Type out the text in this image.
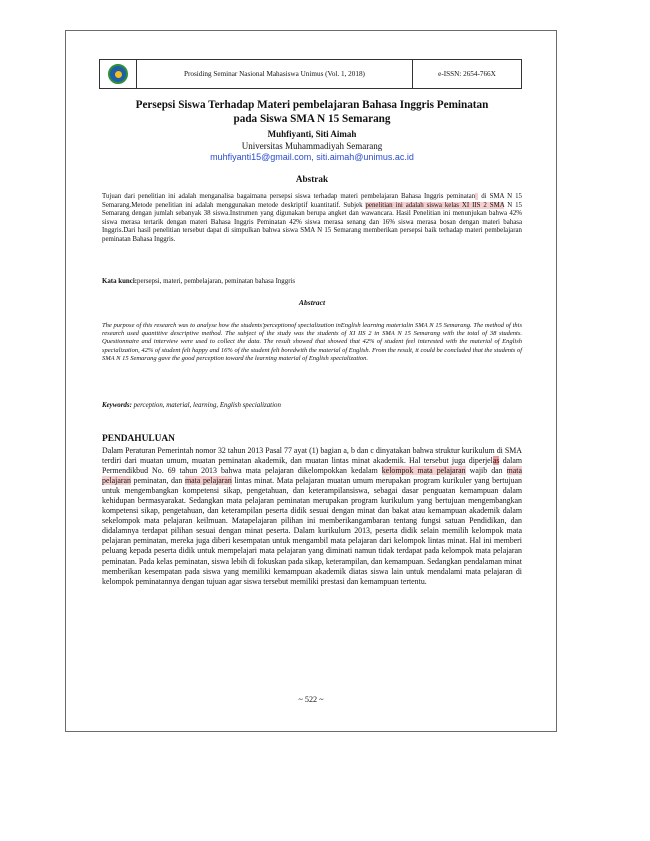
Prosiding Seminar Nasional Mahasiswa Unimus (Vol. 1, 2018)	e-ISSN: 2654-766X
Persepsi Siswa Terhadap Materi pembelajaran Bahasa Inggris Peminatan
pada Siswa SMA N 15 Semarang
Muhfiyanti, Siti Aimah
Universitas Muhammadiyah Semarang
muhfiyanti15@gmail.com, siti.aimah@unimus.ac.id
Abstrak
Tujuan dari penelitian ini adalah menganalisa bagaimana persepsi siswa terhadap materi pembelajaran Bahasa Inggris peminatan  di SMA N 15 Semarang.Metode penelitian ini adalah menggunakan metode deskriptif kuantitatif. Subjek penelitian ini adalah siswa kelas XI IIS 2 SMA N 15 Semarang dengan jumlah sebanyak 38 siswa.Instrumen yang digunakan berupa angket dan wawancara. Hasil Penelitian ini menunjukan bahwa 42% siswa merasa tertarik dengan materi Bahasa Inggris Peminatan 42% siswa merasa senang dan 16% siswa merasa bosan dengan materi bahasa Inggris.Dari hasil penelitian tersebut dapat di simpulkan bahwa siswa SMA N 15 Semarang memberikan persepsi baik terhadap materi pembelajaran peminatan Bahasa Inggris.
Kata kunci:persepsi, materi, pembelajaran, peminatan bahasa Inggris
Abstract
The purpose of this research was to analyse how the students'perceptionof specialization inEnglish learning materialin SMA N 15 Semarang. The method of this research used quantitive descriptive method. The subject of the study was the students of XI IIS 2 in SMA N 15 Semarang with the total of 38 students. Questionnaire and interview were used to collect the data. The result showed that showed that 42% of student feel interested with the material of English specialization, 42% of student felt happy and 16% of the student felt boredwith the material of English. From the result, it could be concluded that the students of SMA N 15 Semarang gave the good perception toward the learning material of English specialization.
Keywords: perception, material, learning, English specialization
PENDAHULUAN
Dalam Peraturan Pemerintah nomor 32 tahun 2013 Pasal 77 ayat (1) bagian a, b dan c dinyatakan bahwa struktur kurikulum di SMA terdiri dari muatan umum, muatan peminatan akademik, dan muatan lintas minat akademik. Hal tersebut juga diperjelas dalam Permendikbud No. 69 tahun 2013 bahwa mata pelajaran dikelompokkan kedalam kelompok mata pelajaran wajib dan mata pelajaran peminatan, dan mata pelajaran lintas minat. Mata pelajaran muatan umum merupakan program kurikuler yang bertujuan untuk mengembangkan kompetensi sikap, pengetahuan, dan keterampilansiswa, sebagai dasar penguatan kemampuan dalam kehidupan bermasyarakat. Sedangkan mata pelajaran peminatan merupakan program kurikulum yang bertujuan mengembangkan kompetensi sikap, pengetahuan, dan keterampilan peserta didik sesuai dengan minat dan bakat atau kemampuan akademik dalam sekelompok mata pelajaran keilmuan. Matapelajaran pilihan ini memberikangambaran tentang fungsi satuan Pendidikan, dan didalamnya terdapat pilihan sesuai dengan minat peserta. Dalam kurikulum 2013, peserta didik selain memilih kelompok mata pelajaran peminatan, mereka juga diberi kesempatan untuk mengambil mata pelajaran dari kelompok lintas minat. Hal ini memberi peluang kepada peserta didik untuk mempelajari mata pelajaran yang diminati namun tidak terdapat pada kelompok mata pelajaran peminatan. Pada kelas peminatan, siswa lebih di fokuskan pada sikap, keterampilan, dan kemampuan. Sedangkan pendalaman minat memberikan kesempatan pada siswa yang memiliki kemampuan akademik diatas siswa lain untuk mendalami mata pelajaran di kelompok peminatannya dengan tujuan agar siswa tersebut memiliki prestasi dan kemampuan tertentu.
~ 522 ~
